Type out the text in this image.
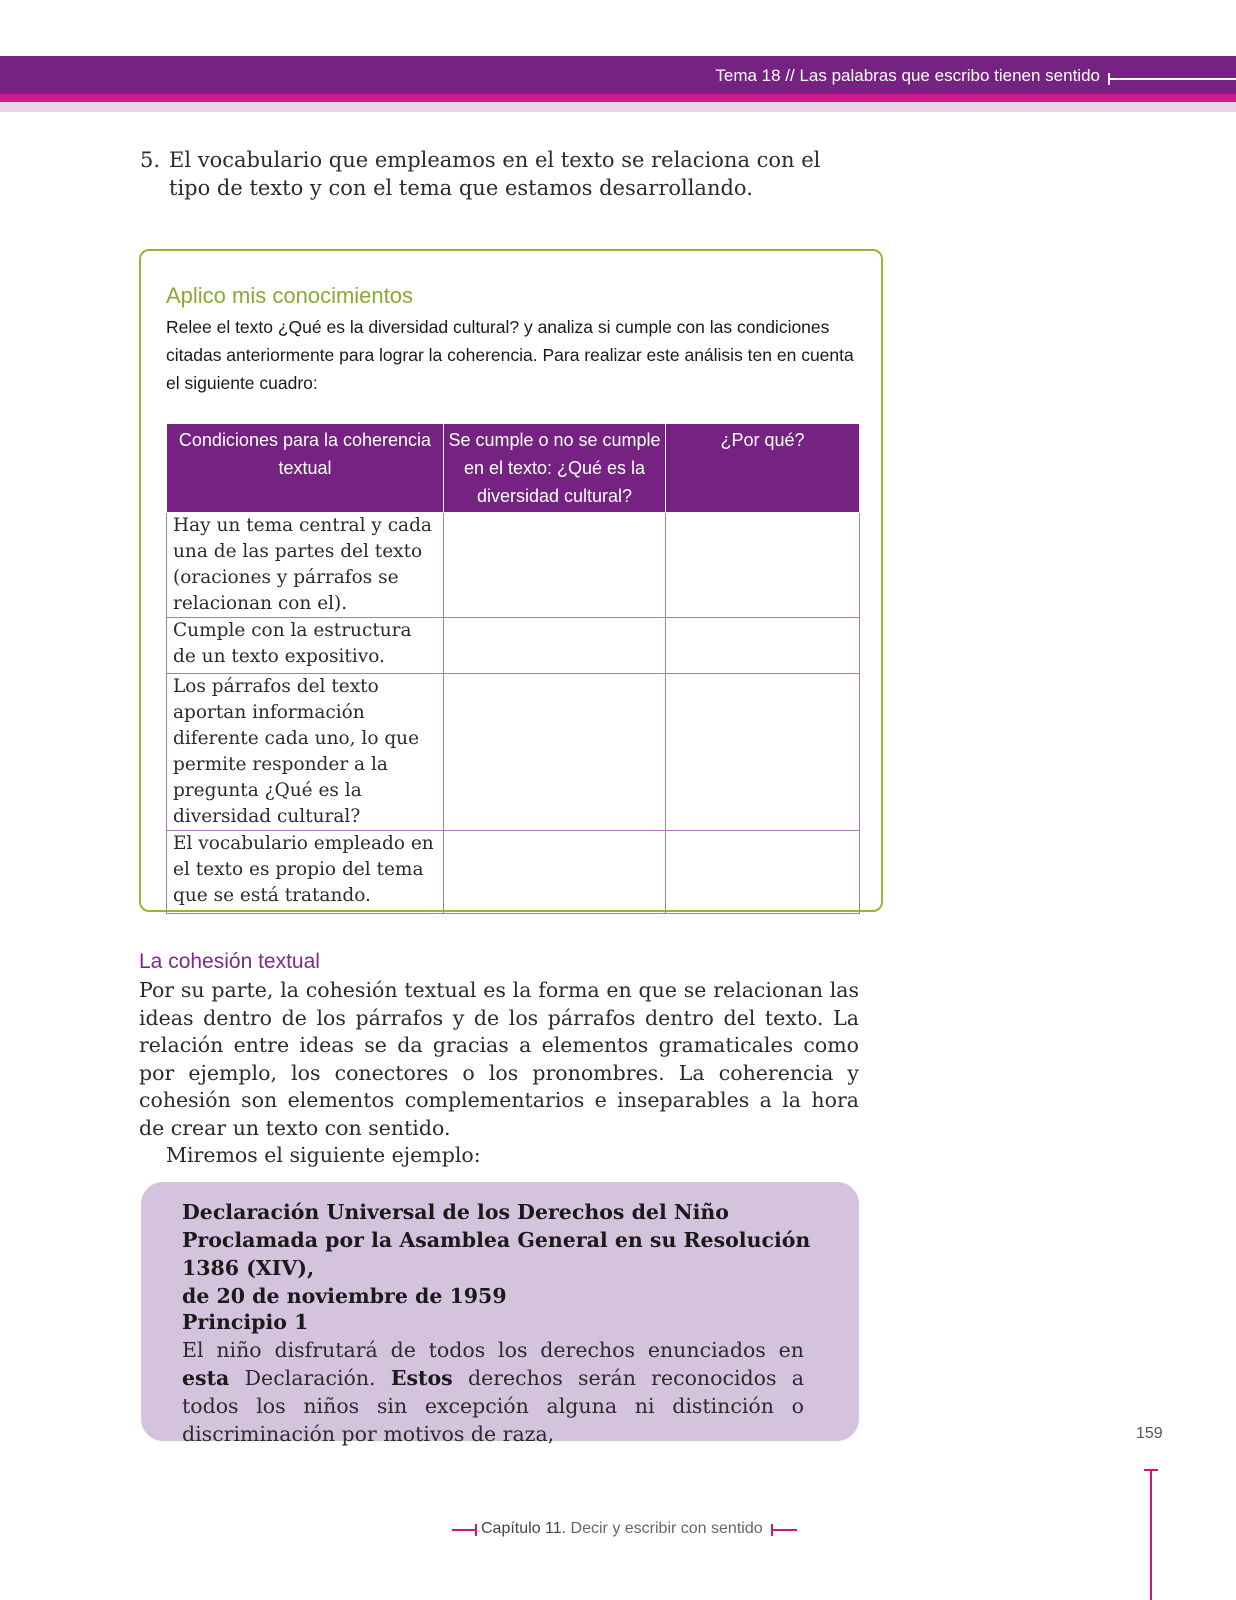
Tema 18 // Las palabras que escribo tienen sentido
5. El vocabulario que empleamos en el texto se relaciona con el tipo de texto y con el tema que estamos desarrollando.
Aplico mis conocimientos
Relee el texto ¿Qué es la diversidad cultural? y analiza si cumple con las condiciones citadas anteriormente para lograr la coherencia. Para realizar este análisis ten en cuenta el siguiente cuadro:
Condiciones para la coherencia textual	Se cumple o no se cumple en el texto: ¿Qué es la diversidad cultural?	¿Por qué?
Hay un tema central y cada una de las partes del texto (oraciones y párrafos se relacionan con el).		
Cumple con la estructura de un texto expositivo.		
Los párrafos del texto aportan información diferente cada uno, lo que permite responder a la pregunta ¿Qué es la diversidad cultural?		
El vocabulario empleado en el texto es propio del tema que se está tratando.		
La cohesión textual

Por su parte, la cohesión textual es la forma en que se relacionan las ideas dentro de los párrafos y de los párrafos dentro del texto. La relación entre ideas se da gracias a elementos gramaticales como por ejemplo, los conectores o los pronombres. La coherencia y cohesión son elementos complementarios e inseparables a la hora de crear un texto con sentido.

Miremos el siguiente ejemplo:

Declaración Universal de los Derechos del Niño
Proclamada por la Asamblea General en su Resolución 1386 (XIV),
de 20 de noviembre de 1959
Principio 1
El niño disfrutará de todos los derechos enunciados en esta Declaración. Estos derechos serán reconocidos a todos los niños sin excepción alguna ni distinción o discriminación por motivos de raza,	159
Capítulo 11. Decir y escribir con sentido
